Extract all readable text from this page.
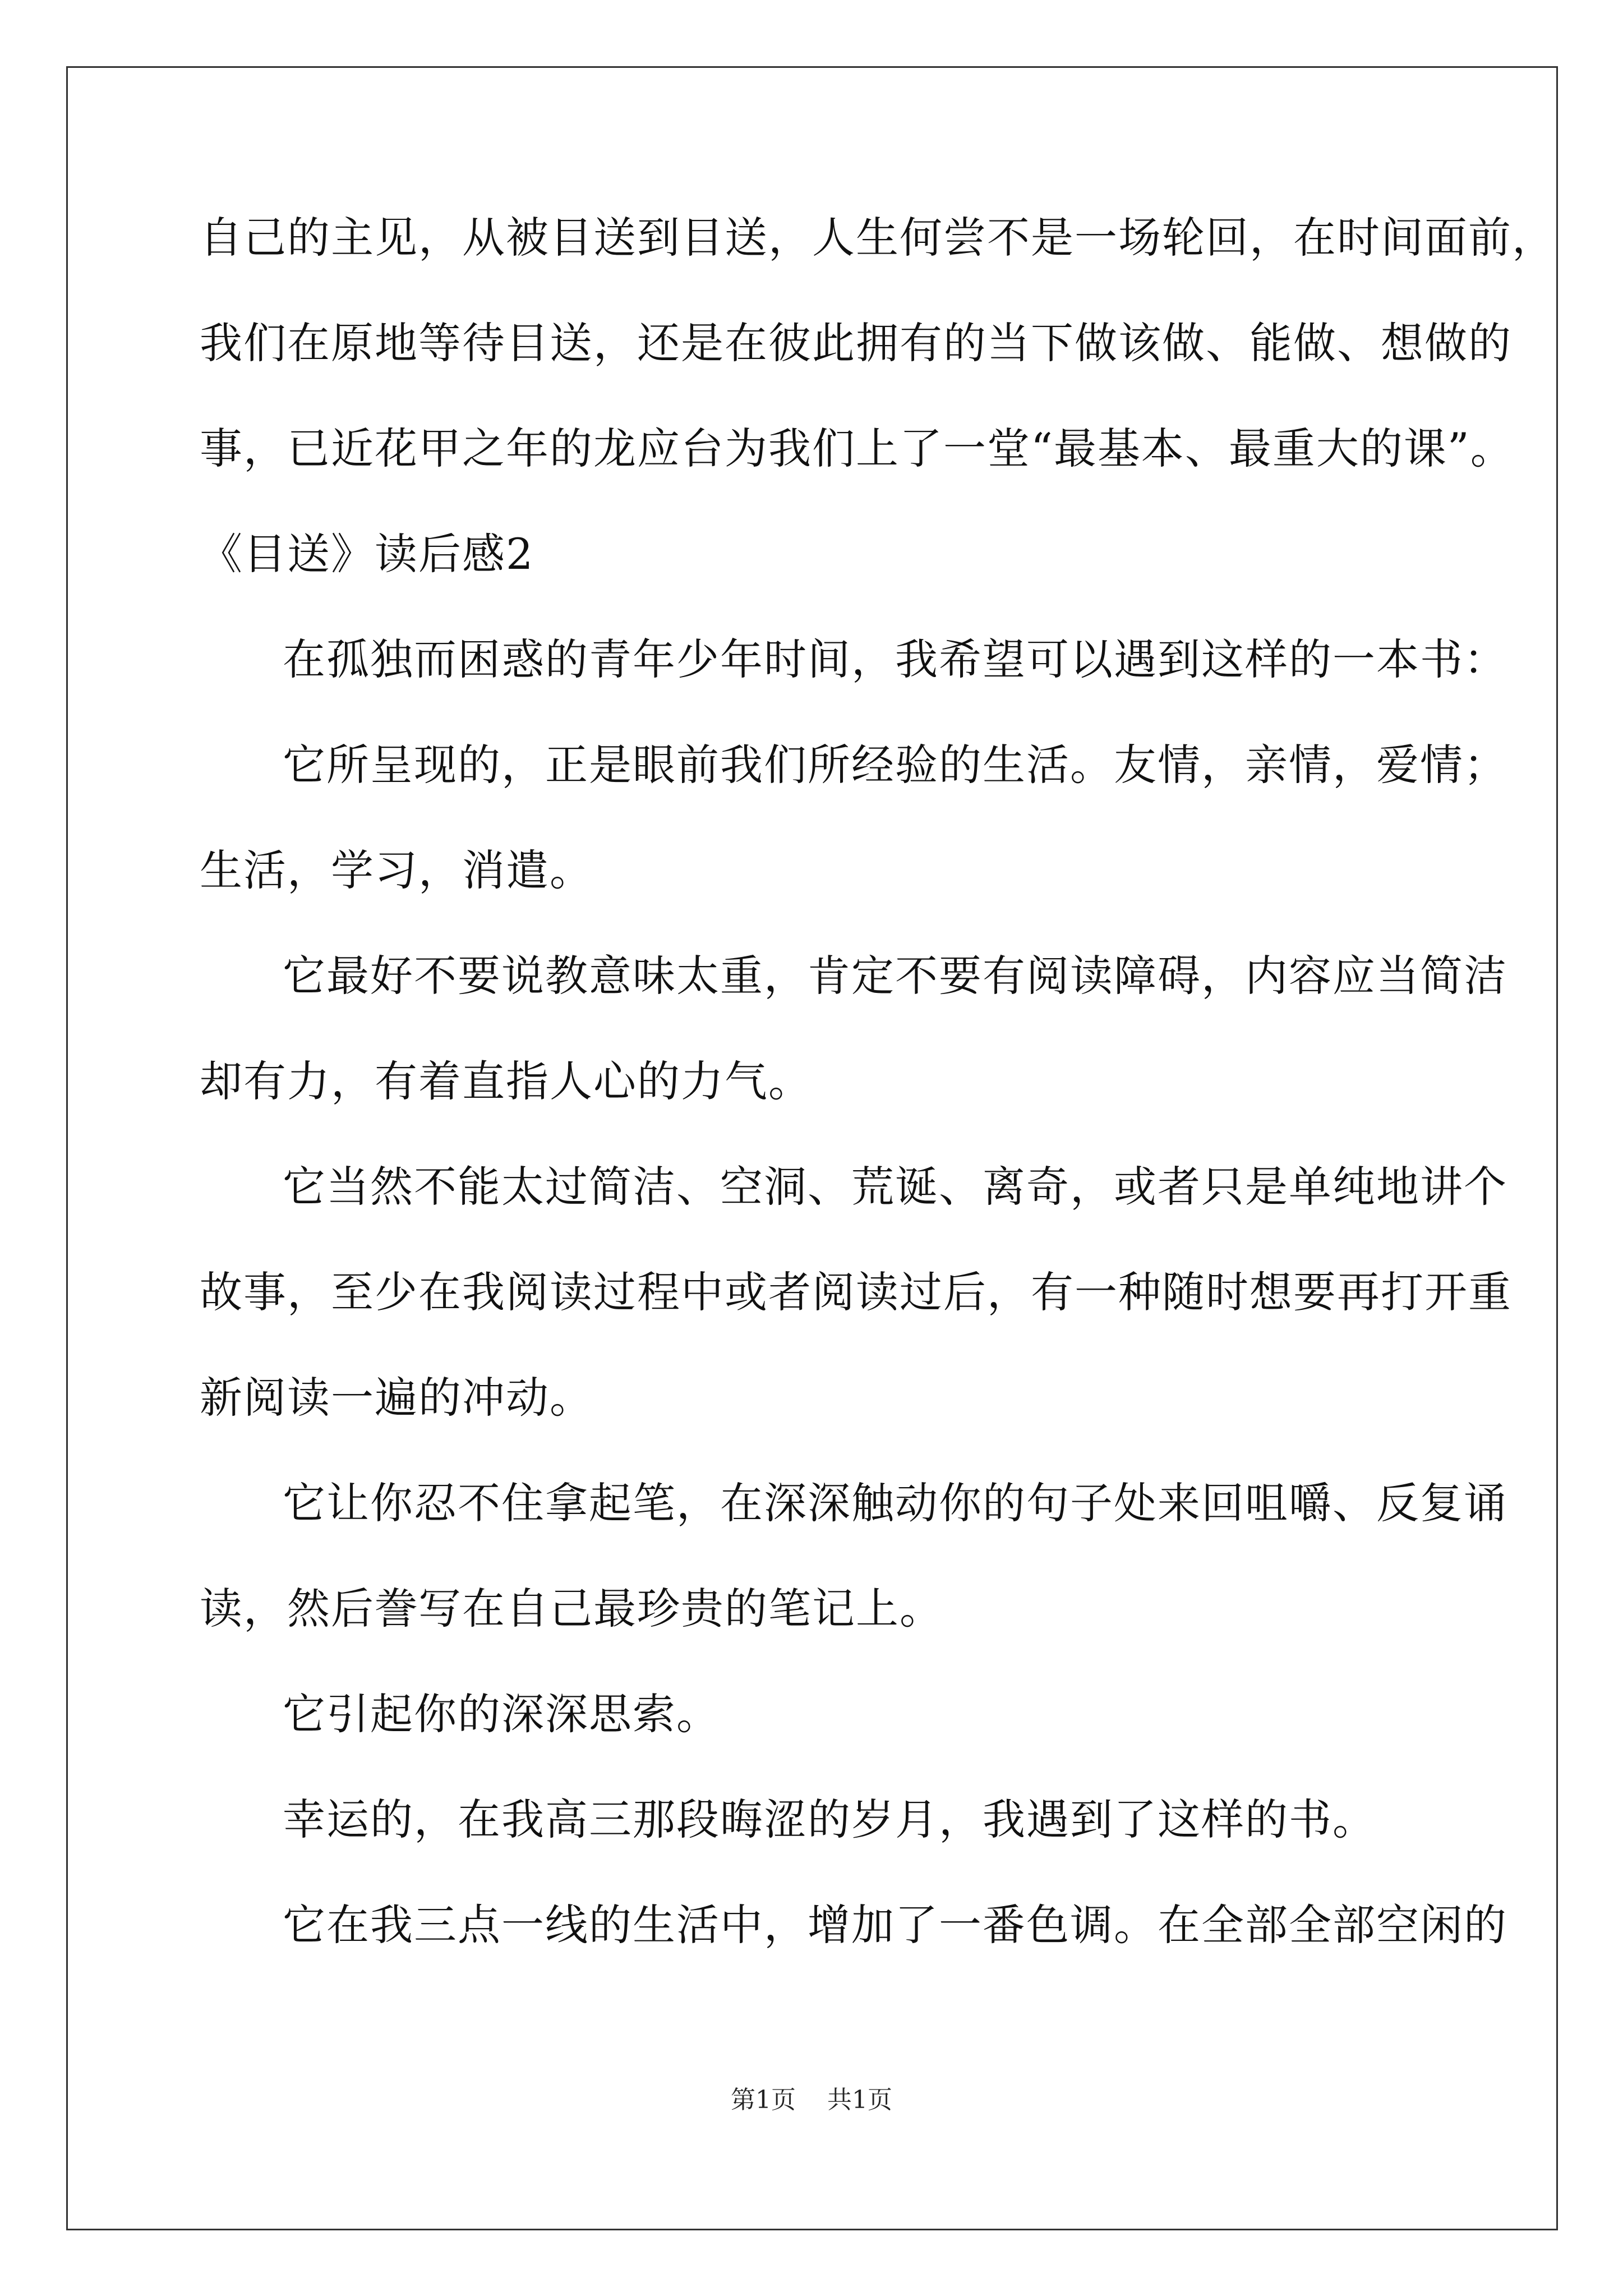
自己的主见，从被目送到目送，人生何尝不是一场轮回，在时间面前，
我们在原地等待目送，还是在彼此拥有的当下做该做、能做、想做的
事，已近花甲之年的龙应台为我们上了一堂“最基本、最重大的课”。
《目送》读后感2
在孤独而困惑的青年少年时间，我希望可以遇到这样的一本书：
它所呈现的，正是眼前我们所经验的生活。友情，亲情，爱情；
生活，学习，消遣。
它最好不要说教意味太重，肯定不要有阅读障碍，内容应当简洁
却有力，有着直指人心的力气。
它当然不能太过简洁、空洞、荒诞、离奇，或者只是单纯地讲个
故事，至少在我阅读过程中或者阅读过后，有一种随时想要再打开重
新阅读一遍的冲动。
它让你忍不住拿起笔，在深深触动你的句子处来回咀嚼、反复诵
读，然后誊写在自己最珍贵的笔记上。
它引起你的深深思索。
幸运的，在我高三那段晦涩的岁月，我遇到了这样的书。
它在我三点一线的生活中，增加了一番色调。在全部全部空闲的
第1页    共1页
